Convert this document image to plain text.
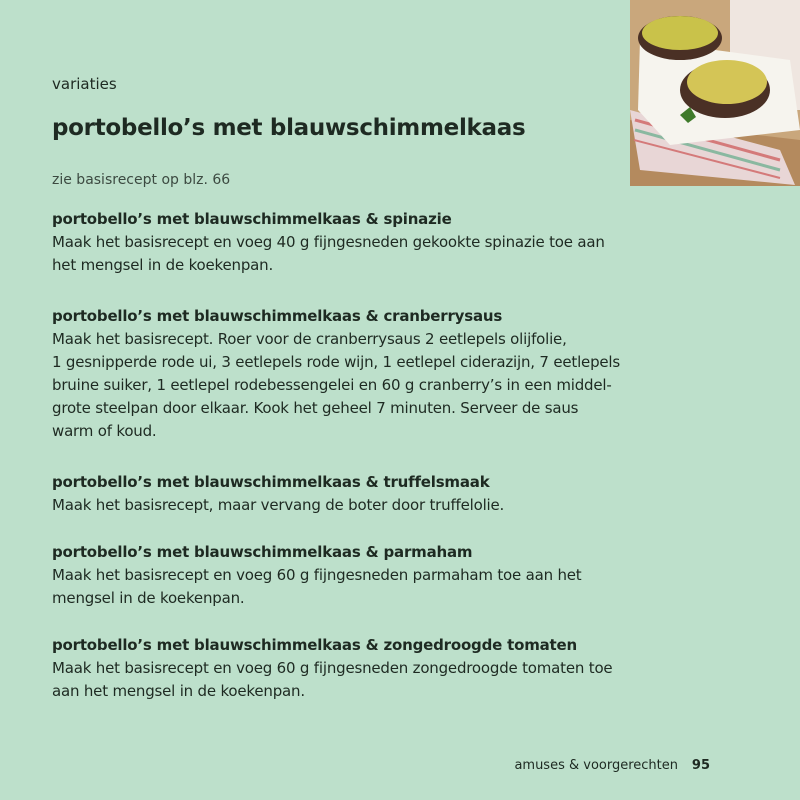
variaties
portobello’s met blauwschimmelkaas
zie basisrecept op blz. 66
portobello’s met blauwschimmelkaas & spinazie
Maak het basisrecept en voeg 40 g fijngesneden gekookte spinazie toe aan
het mengsel in de koekenpan.
portobello’s met blauwschimmelkaas & cranberrysaus
Maak het basisrecept. Roer voor de cranberrysaus 2 eetlepels olijfolie,
1 gesnipperde rode ui, 3 eetlepels rode wijn, 1 eetlepel ciderazijn, 7 eetlepels
bruine suiker, 1 eetlepel rodebessengelei en 60 g cranberry’s in een middel-
grote steelpan door elkaar. Kook het geheel 7 minuten. Serveer de saus
warm of koud.
portobello’s met blauwschimmelkaas & truffelsmaak
Maak het basisrecept, maar vervang de boter door truffelolie.
portobello’s met blauwschimmelkaas & parmaham
Maak het basisrecept en voeg 60 g fijngesneden parmaham toe aan het
mengsel in de koekenpan.
portobello’s met blauwschimmelkaas & zongedroogde tomaten
Maak het basisrecept en voeg 60 g fijngesneden zongedroogde tomaten toe
aan het mengsel in de koekenpan.
amuses & voorgerechten 95
